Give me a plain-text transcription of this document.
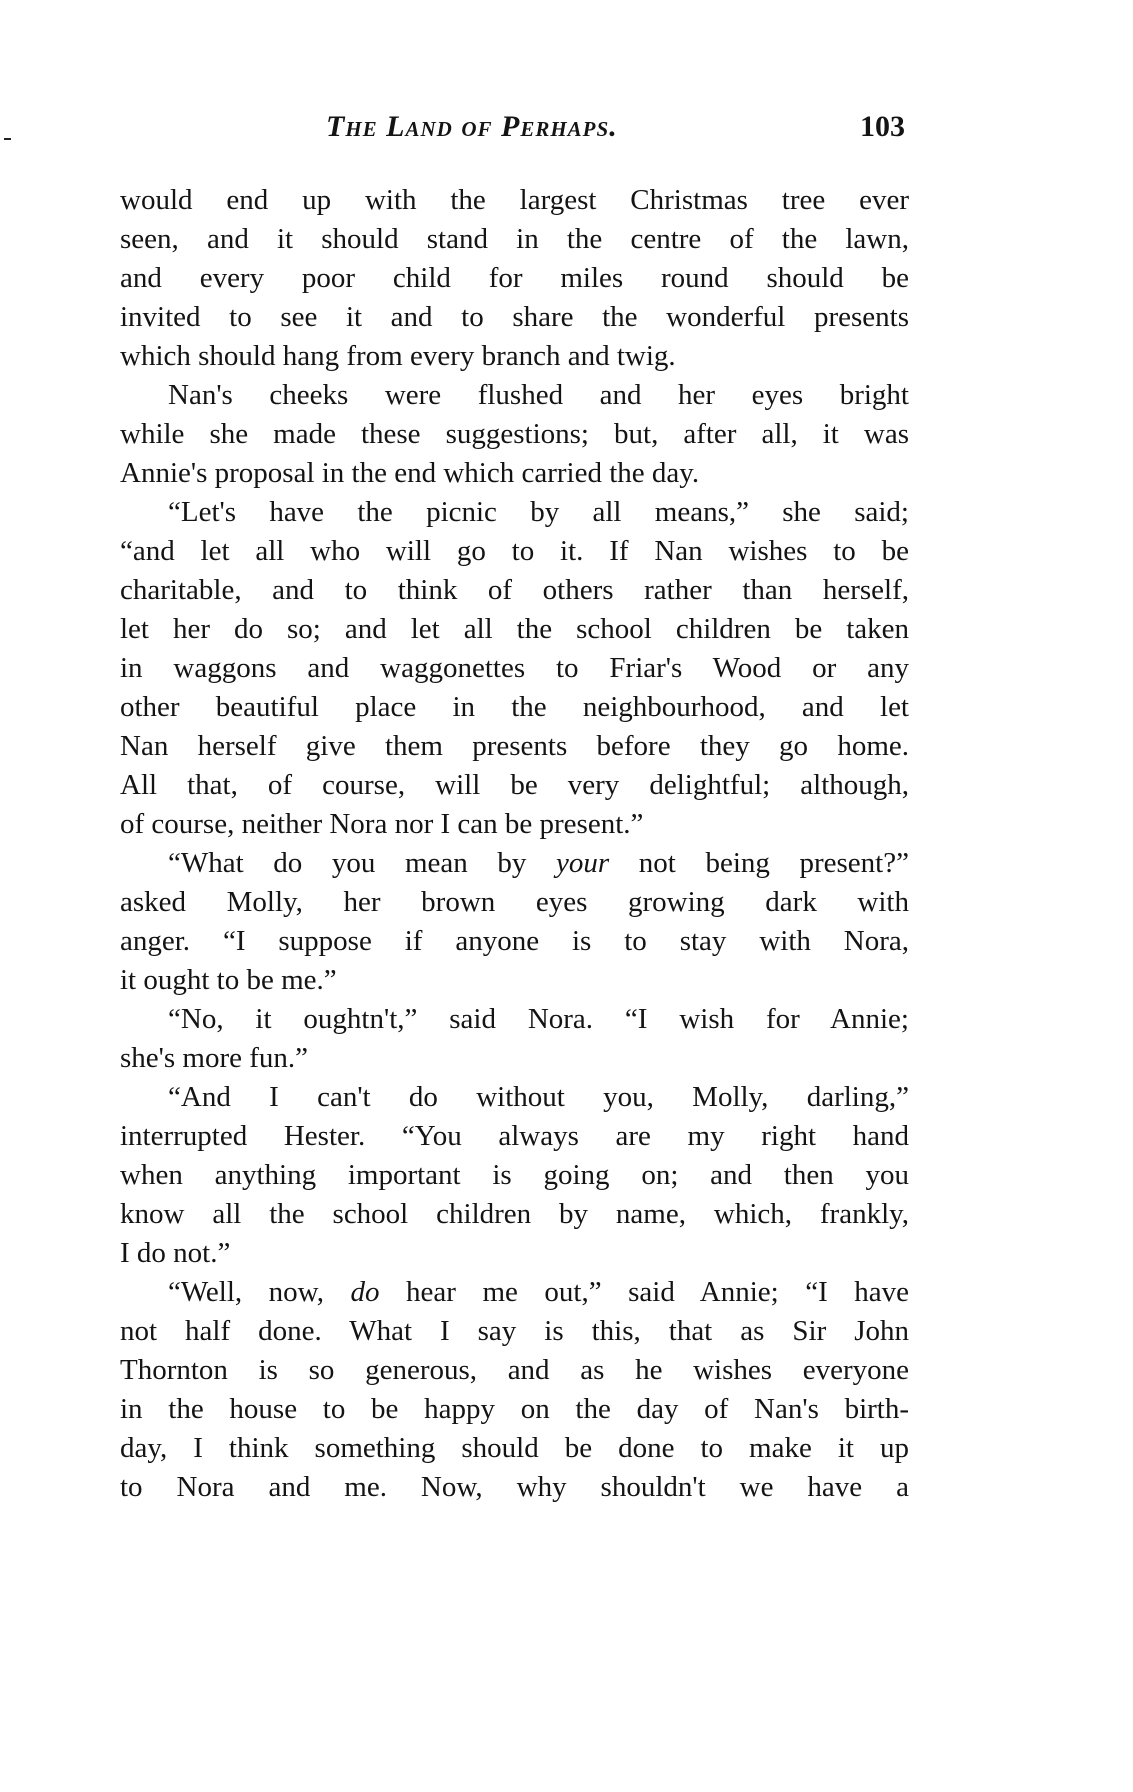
The Land of Perhaps.	103
would end up with the largest Christmas tree ever
seen, and it should stand in the centre of the lawn,
and every poor child for miles round should be
invited to see it and to share the wonderful presents
which should hang from every branch and twig.
Nan's cheeks were flushed and her eyes bright
while she made these suggestions; but, after all, it was
Annie's proposal in the end which carried the day.
“Let's have the picnic by all means,” she said;
“and let all who will go to it. If Nan wishes to be
charitable, and to think of others rather than herself,
let her do so; and let all the school children be taken
in waggons and waggonettes to Friar's Wood or any
other beautiful place in the neighbourhood, and let
Nan herself give them presents before they go home.
All that, of course, will be very delightful; although,
of course, neither Nora nor I can be present.”
“What do you mean by your not being present?”
asked Molly, her brown eyes growing dark with
anger. “I suppose if anyone is to stay with Nora,
it ought to be me.”
“No, it oughtn't,” said Nora. “I wish for Annie;
she's more fun.”
“And I can't do without you, Molly, darling,”
interrupted Hester. “You always are my right hand
when anything important is going on; and then you
know all the school children by name, which, frankly,
I do not.”
“Well, now, do hear me out,” said Annie; “I have
not half done. What I say is this, that as Sir John
Thornton is so generous, and as he wishes everyone
in the house to be happy on the day of Nan's birth-
day, I think something should be done to make it up
to Nora and me. Now, why shouldn't we have a
